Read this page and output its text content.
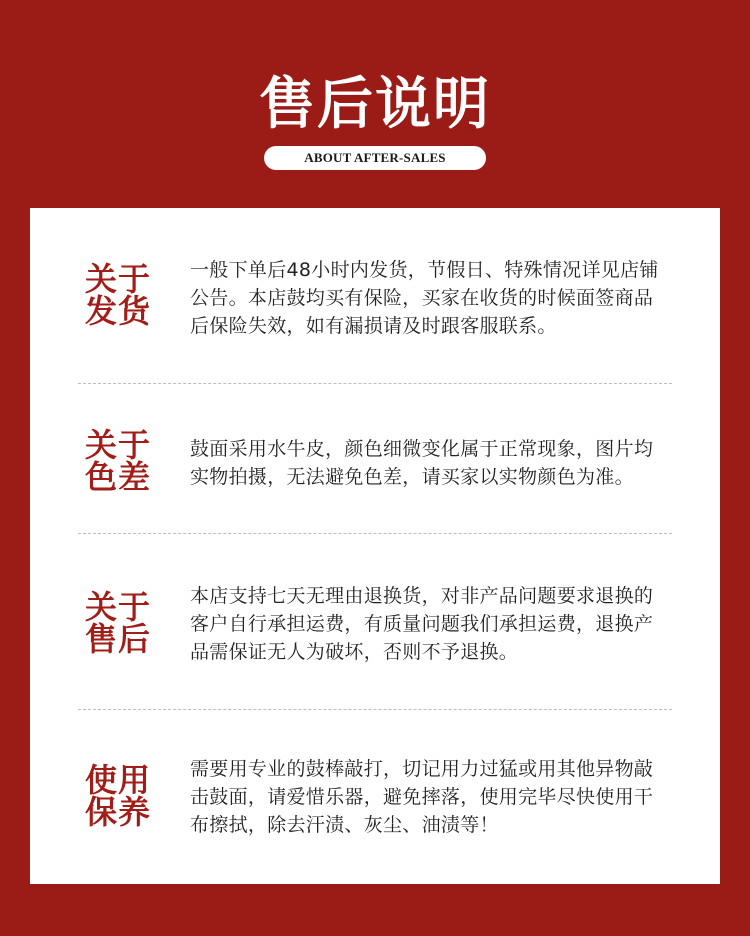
售后说明
ABOUT AFTER-SALES
关于
发货
一般下单后48小时内发货，节假日、特殊情况详见店铺公告。本店鼓均买有保险，买家在收货的时候面签商品后保险失效，如有漏损请及时跟客服联系。
关于
色差
鼓面采用水牛皮，颜色细微变化属于正常现象，图片均实物拍摄，无法避免色差，请买家以实物颜色为准。
关于
售后
本店支持七天无理由退换货，对非产品问题要求退换的客户自行承担运费，有质量问题我们承担运费，退换产品需保证无人为破坏，否则不予退换。
使用
保养
需要用专业的鼓棒敲打，切记用力过猛或用其他异物敲击鼓面，请爱惜乐器，避免摔落，使用完毕尽快使用干布擦拭，除去汗渍、灰尘、油渍等！
